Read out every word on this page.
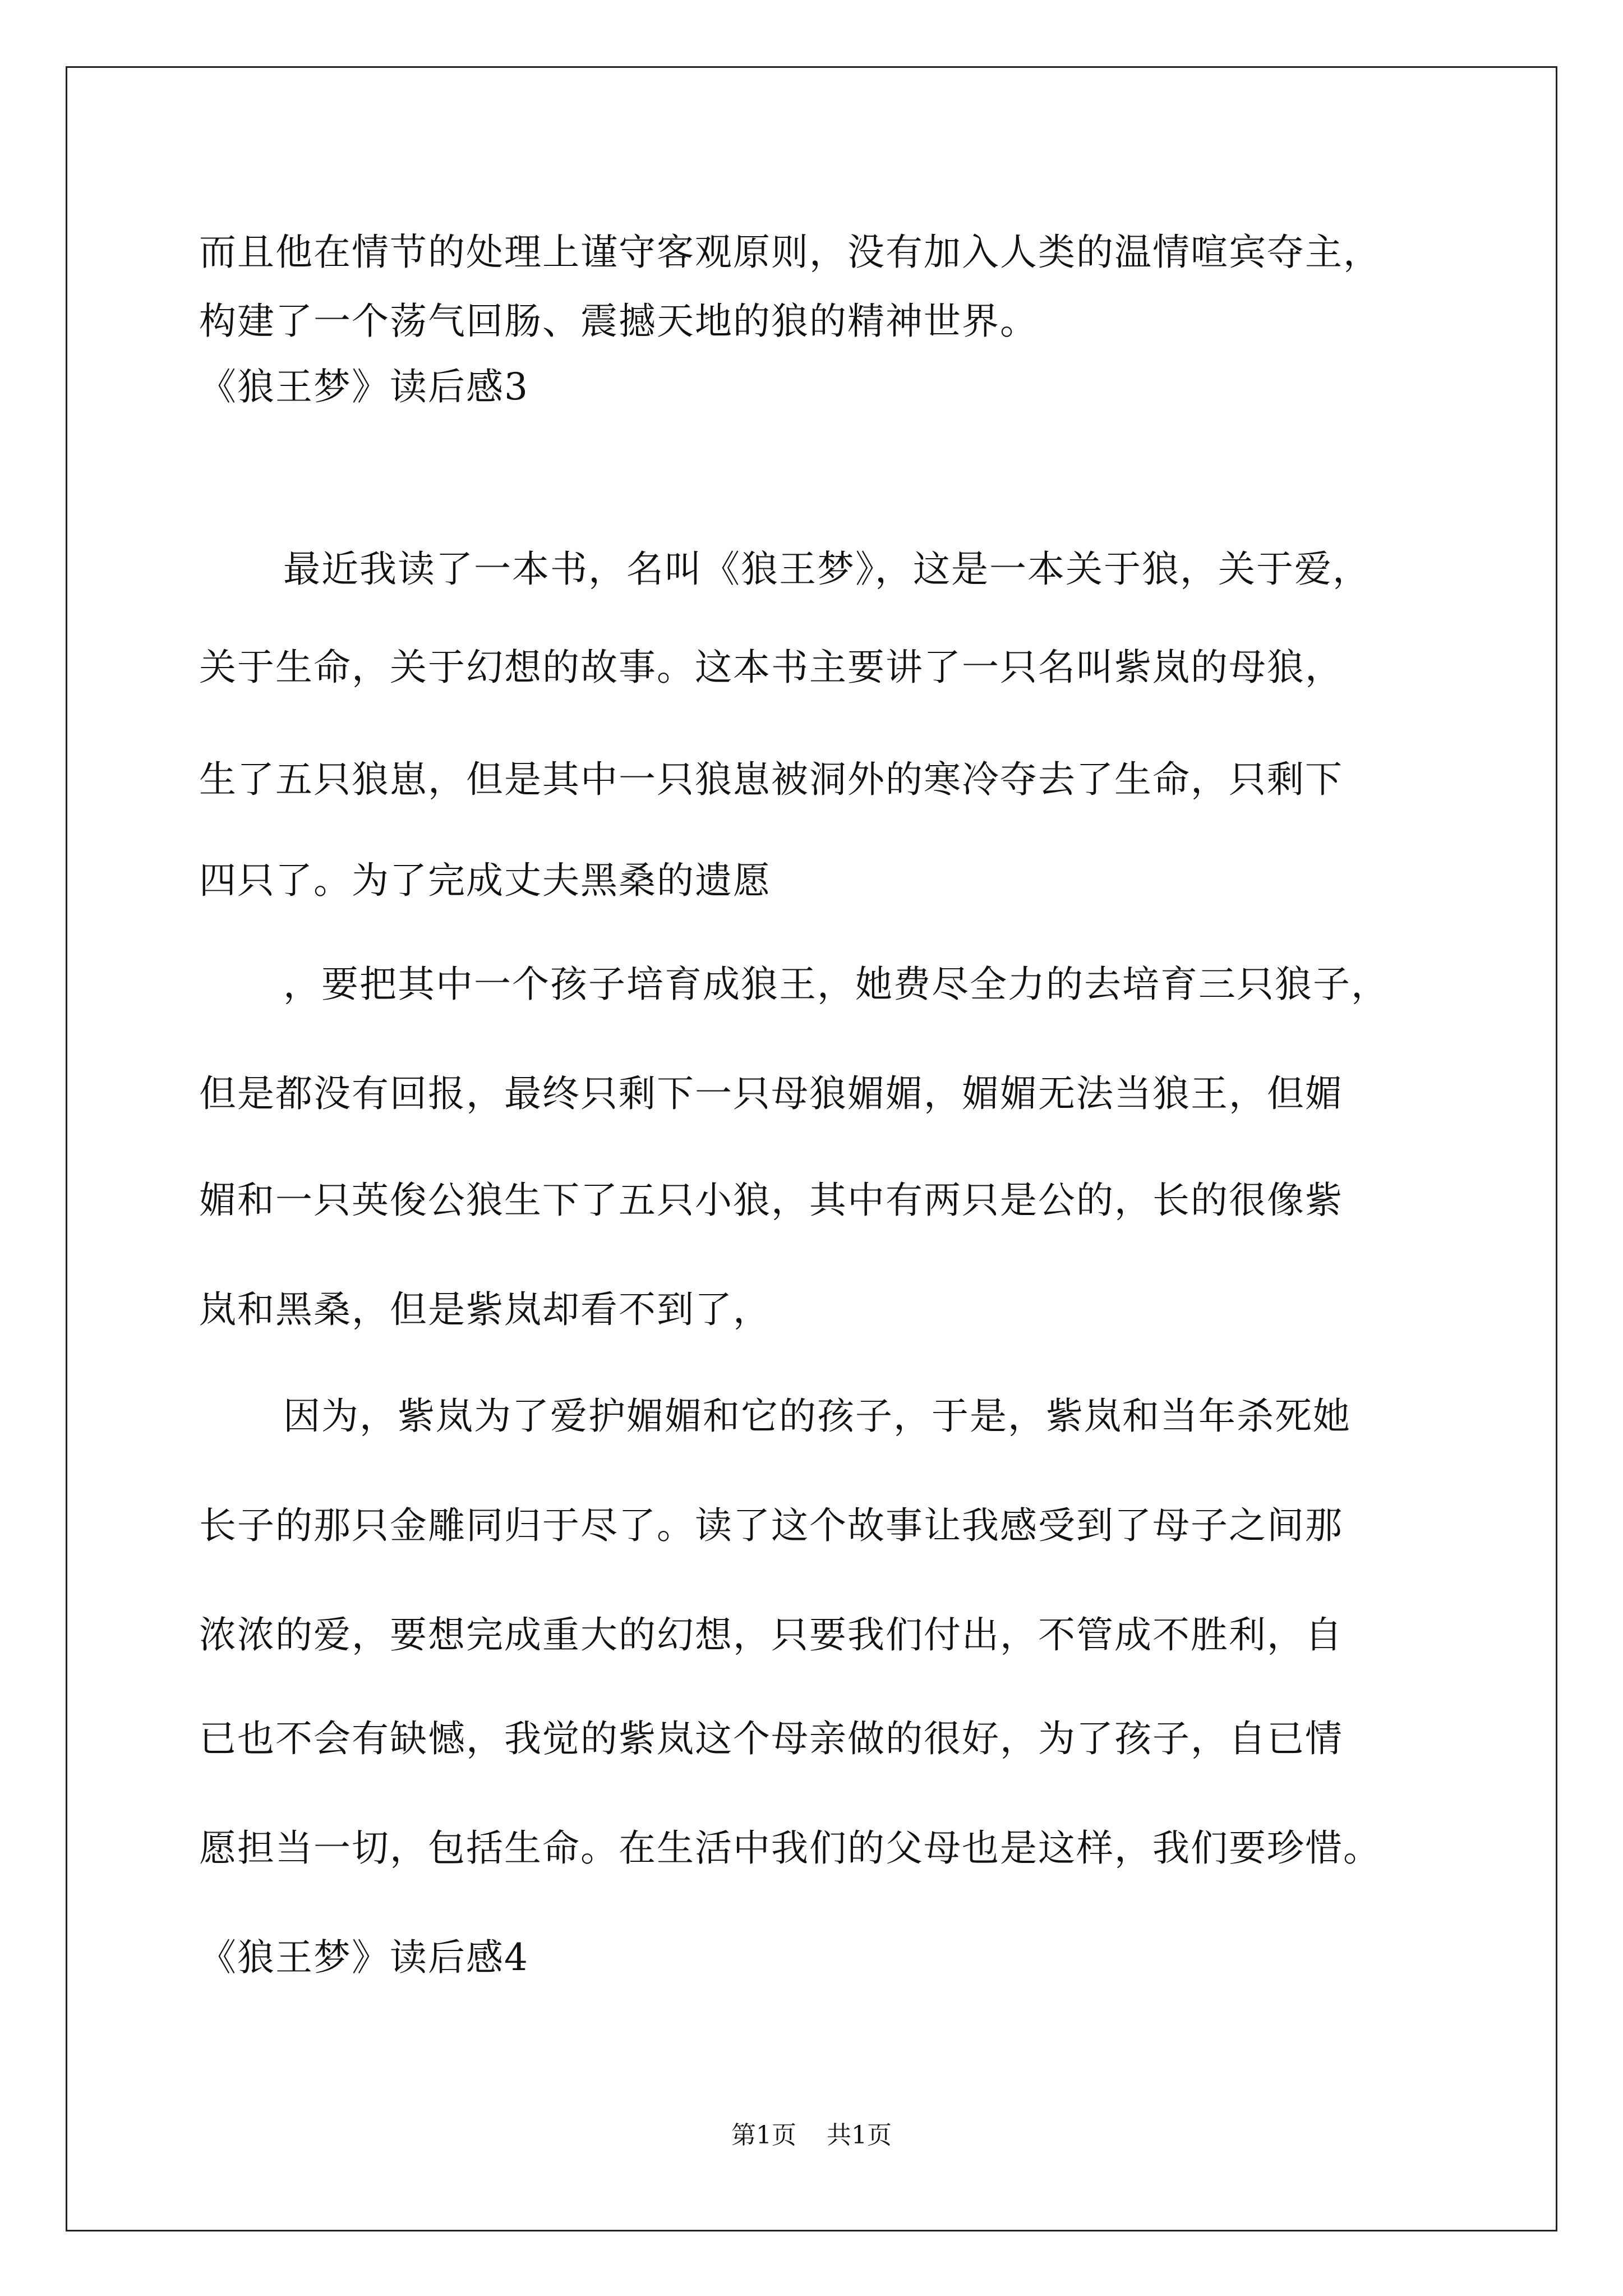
而且他在情节的处理上谨守客观原则，没有加入人类的温情喧宾夺主，
构建了一个荡气回肠、震撼天地的狼的精神世界。
《狼王梦》读后感3
最近我读了一本书，名叫《狼王梦》，这是一本关于狼，关于爱，
关于生命，关于幻想的故事。这本书主要讲了一只名叫紫岚的母狼，
生了五只狼崽，但是其中一只狼崽被洞外的寒冷夺去了生命，只剩下
四只了。为了完成丈夫黑桑的遗愿
，要把其中一个孩子培育成狼王，她费尽全力的去培育三只狼子，
但是都没有回报，最终只剩下一只母狼媚媚，媚媚无法当狼王，但媚
媚和一只英俊公狼生下了五只小狼，其中有两只是公的，长的很像紫
岚和黑桑，但是紫岚却看不到了，
因为，紫岚为了爱护媚媚和它的孩子，于是，紫岚和当年杀死她
长子的那只金雕同归于尽了。读了这个故事让我感受到了母子之间那
浓浓的爱，要想完成重大的幻想，只要我们付出，不管成不胜利，自
已也不会有缺憾，我觉的紫岚这个母亲做的很好，为了孩子，自已情
愿担当一切，包括生命。在生活中我们的父母也是这样，我们要珍惜。
《狼王梦》读后感4
第1页 共1页
